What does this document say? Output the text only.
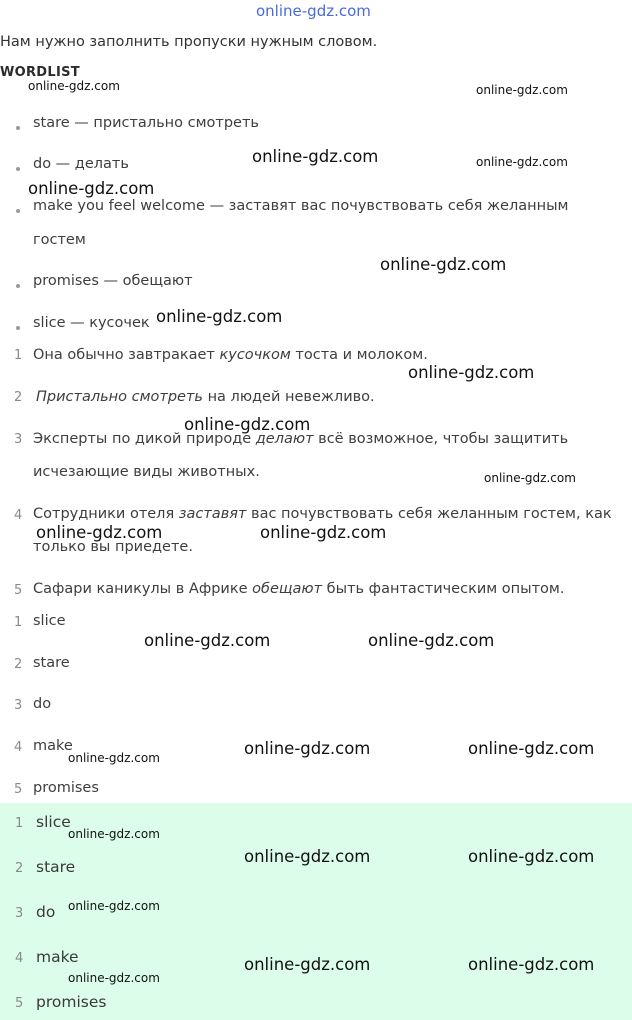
online-gdz.com
Нам нужно заполнить пропуски нужным словом.
WORDLIST
stare — пристально смотреть
do — делать
make you feel welcome — заставят вас почувствовать себя желанным
гостем
promises — обещают
slice — кусочек
1 Она обычно завтракает кусочком тоста и молоком.
2 Пристально смотреть на людей невежливо.
3 Эксперты по дикой природе делают всё возможное, чтобы защитить
исчезающие виды животных.
4 Сотрудники отеля заставят вас почувствовать себя желанным гостем, как
только вы приедете.
5 Сафари каникулы в Африке обещают быть фантастическим опытом.
1 slice
2 stare
3 do
4 make
5 promises
1 slice
2 stare
3 do
4 make
5 promises
online-gdz.com	online-gdz.com
online-gdz.com	online-gdz.com
online-gdz.com
online-gdz.com
online-gdz.com
online-gdz.com
online-gdz.com
online-gdz.com
online-gdz.com	online-gdz.com
online-gdz.com	online-gdz.com
online-gdz.com	online-gdz.com
online-gdz.com
online-gdz.com
online-gdz.com	online-gdz.com
online-gdz.com
online-gdz.com	online-gdz.com
online-gdz.com
